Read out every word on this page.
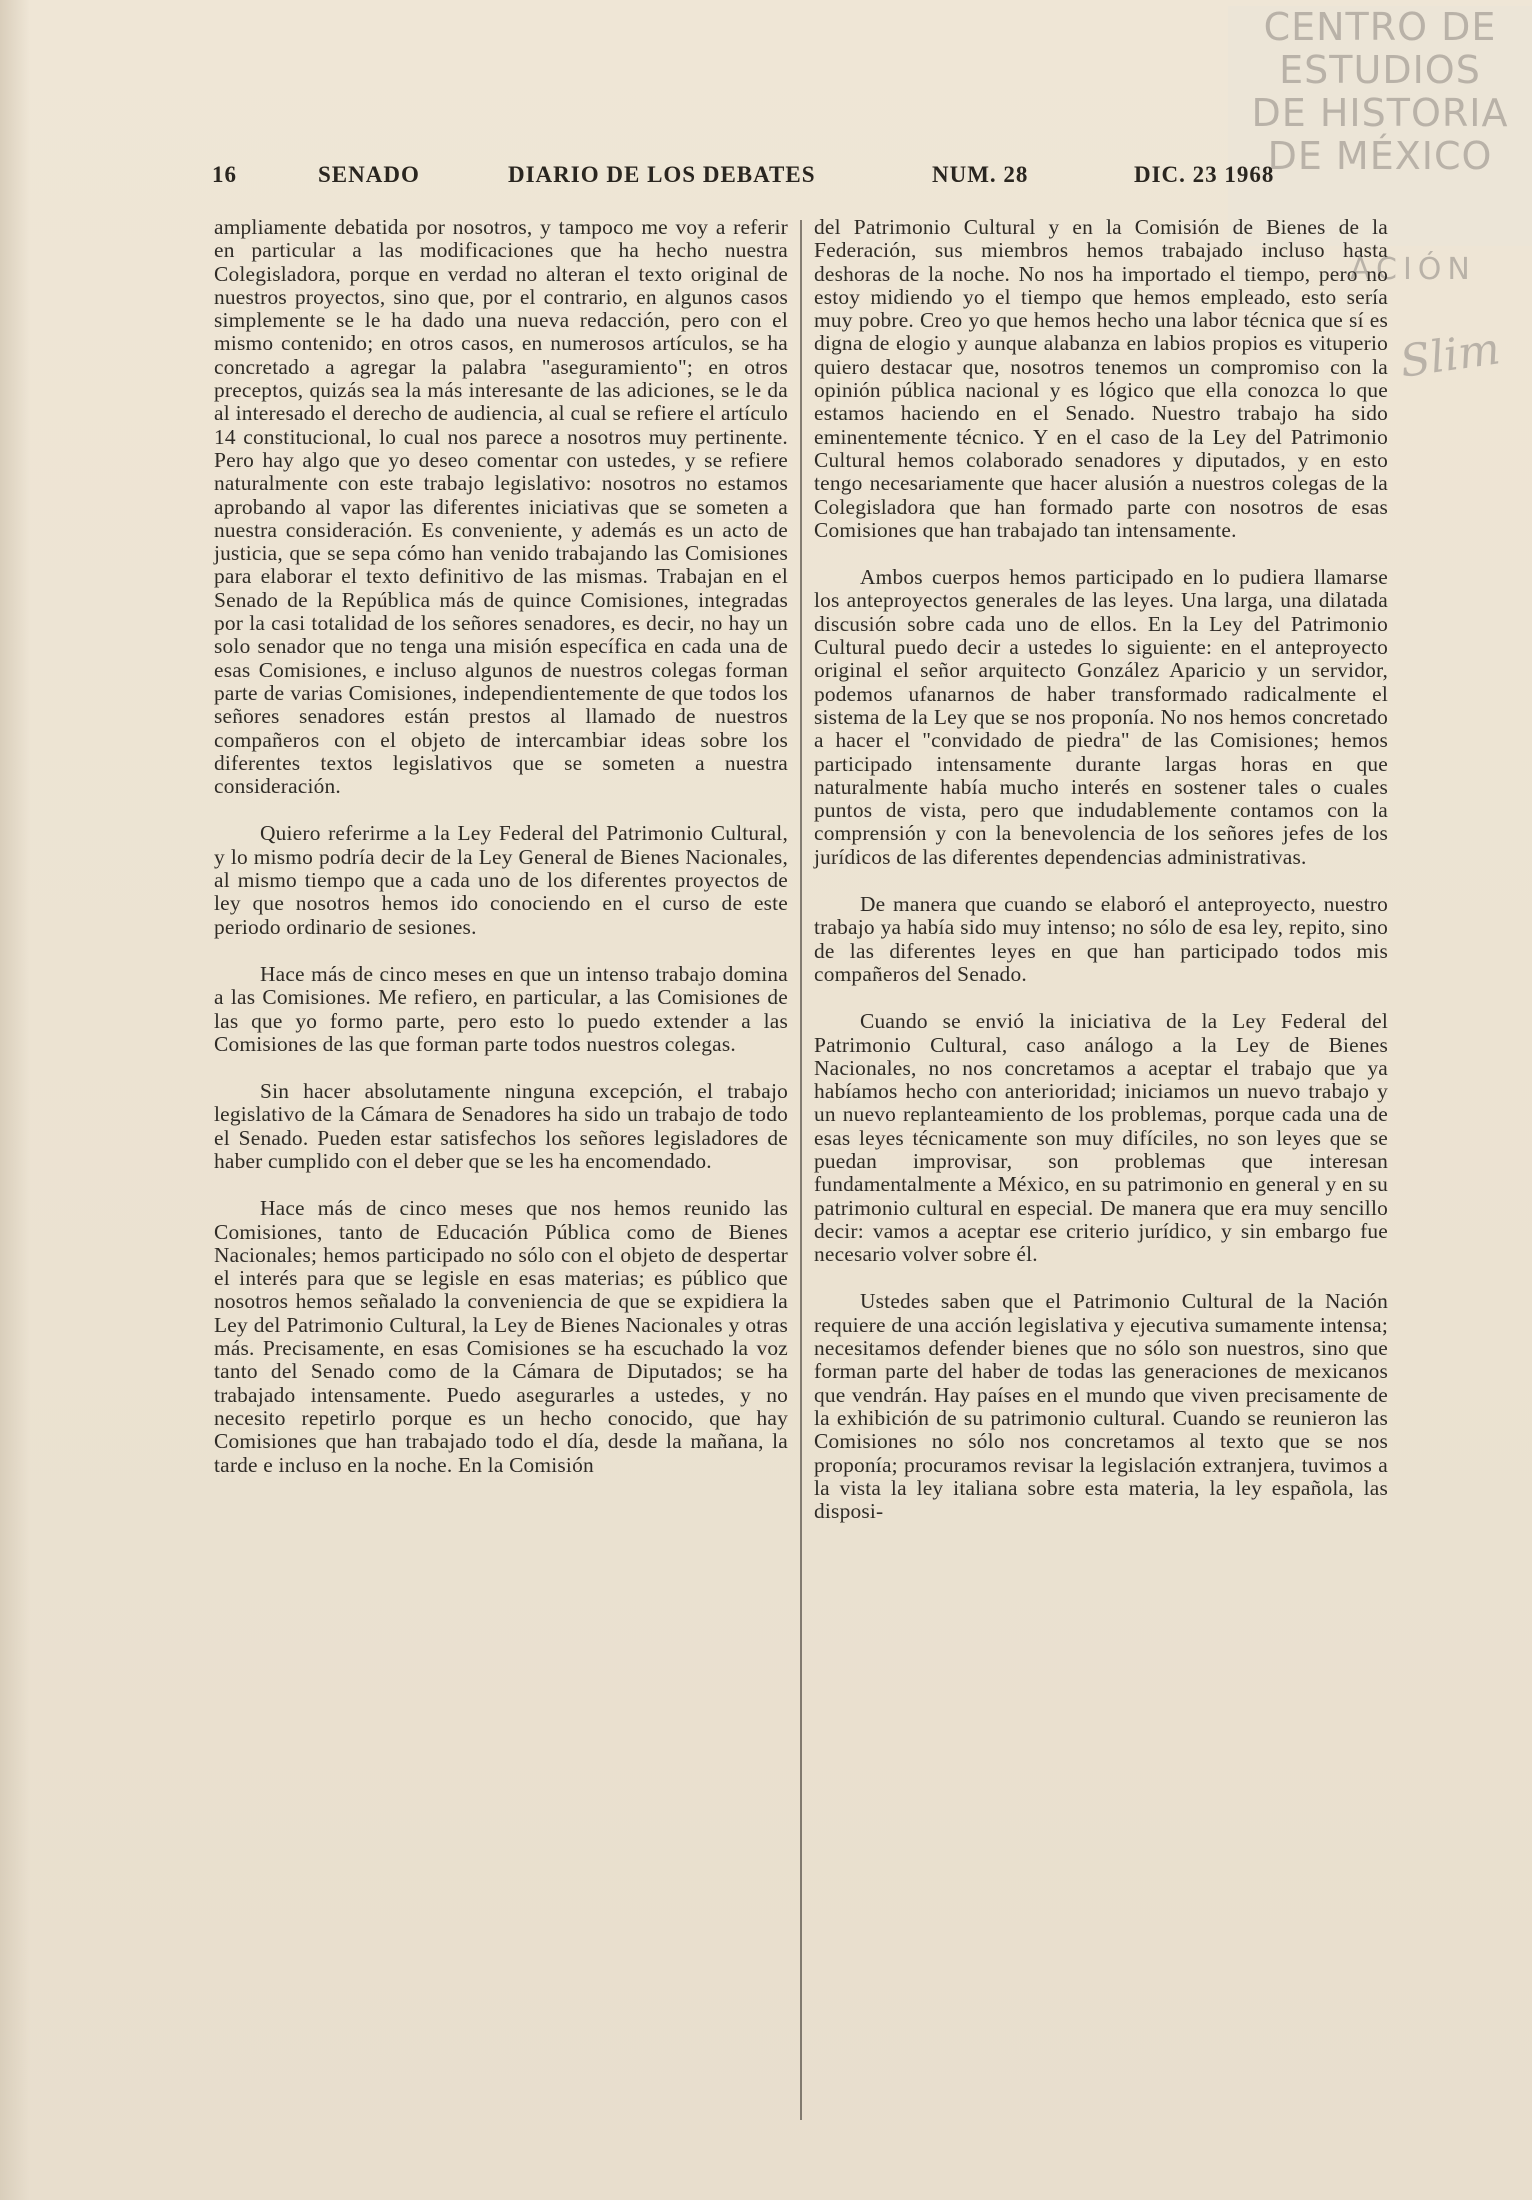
CENTRO DE
ESTUDIOS
DE HISTORIA
DE MÉXICO
ACIÓN
Slim
16	SENADO	DIARIO DE LOS DEBATES	NUM. 28	DIC. 23 1968

ampliamente debatida por nosotros, y tampoco me voy a referir en particular a las modificaciones que ha hecho nuestra Colegisladora, porque en verdad no alteran el texto original de nuestros proyectos, sino que, por el contrario, en algunos casos simplemente se le ha dado una nueva redacción, pero con el mismo contenido; en otros casos, en numerosos artículos, se ha concretado a agregar la palabra "aseguramiento"; en otros preceptos, quizás sea la más interesante de las adiciones, se le da al interesado el derecho de audiencia, al cual se refiere el artículo 14 constitucional, lo cual nos parece a nosotros muy pertinente. Pero hay algo que yo deseo comentar con ustedes, y se refiere naturalmente con este trabajo legislativo: nosotros no estamos aprobando al vapor las diferentes iniciativas que se someten a nuestra consideración. Es conveniente, y además es un acto de justicia, que se sepa cómo han venido trabajando las Comisiones para elaborar el texto definitivo de las mismas. Trabajan en el Senado de la República más de quince Comisiones, integradas por la casi totalidad de los señores senadores, es decir, no hay un solo senador que no tenga una misión específica en cada una de esas Comisiones, e incluso algunos de nuestros colegas forman parte de varias Comisiones, independientemente de que todos los señores senadores están prestos al llamado de nuestros compañeros con el objeto de intercambiar ideas sobre los diferentes textos legislativos que se someten a nuestra consideración.

Quiero referirme a la Ley Federal del Patrimonio Cultural, y lo mismo podría decir de la Ley General de Bienes Nacionales, al mismo tiempo que a cada uno de los diferentes proyectos de ley que nosotros hemos ido conociendo en el curso de este periodo ordinario de sesiones.

Hace más de cinco meses en que un intenso trabajo domina a las Comisiones. Me refiero, en particular, a las Comisiones de las que yo formo parte, pero esto lo puedo extender a las Comisiones de las que forman parte todos nuestros colegas.

Sin hacer absolutamente ninguna excepción, el trabajo legislativo de la Cámara de Senadores ha sido un trabajo de todo el Senado. Pueden estar satisfechos los señores legisladores de haber cumplido con el deber que se les ha encomendado.

Hace más de cinco meses que nos hemos reunido las Comisiones, tanto de Educación Pública como de Bienes Nacionales; hemos participado no sólo con el objeto de despertar el interés para que se legisle en esas materias; es público que nosotros hemos señalado la conveniencia de que se expidiera la Ley del Patrimonio Cultural, la Ley de Bienes Nacionales y otras más. Precisamente, en esas Comisiones se ha escuchado la voz tanto del Senado como de la Cámara de Diputados; se ha trabajado intensamente. Puedo asegurarles a ustedes, y no necesito repetirlo porque es un hecho conocido, que hay Comisiones que han trabajado todo el día, desde la mañana, la tarde e incluso en la noche. En la Comisión

del Patrimonio Cultural y en la Comisión de Bienes de la Federación, sus miembros hemos trabajado incluso hasta deshoras de la noche. No nos ha importado el tiempo, pero no estoy midiendo yo el tiempo que hemos empleado, esto sería muy pobre. Creo yo que hemos hecho una labor técnica que sí es digna de elogio y aunque alabanza en labios propios es vituperio quiero destacar que, nosotros tenemos un compromiso con la opinión pública nacional y es lógico que ella conozca lo que estamos haciendo en el Senado. Nuestro trabajo ha sido eminentemente técnico. Y en el caso de la Ley del Patrimonio Cultural hemos colaborado senadores y diputados, y en esto tengo necesariamente que hacer alusión a nuestros colegas de la Colegisladora que han formado parte con nosotros de esas Comisiones que han trabajado tan intensamente.

Ambos cuerpos hemos participado en lo pudiera llamarse los anteproyectos generales de las leyes. Una larga, una dilatada discusión sobre cada uno de ellos. En la Ley del Patrimonio Cultural puedo decir a ustedes lo siguiente: en el anteproyecto original el señor arquitecto González Aparicio y un servidor, podemos ufanarnos de haber transformado radicalmente el sistema de la Ley que se nos proponía. No nos hemos concretado a hacer el "convidado de piedra" de las Comisiones; hemos participado intensamente durante largas horas en que naturalmente había mucho interés en sostener tales o cuales puntos de vista, pero que indudablemente contamos con la comprensión y con la benevolencia de los señores jefes de los jurídicos de las diferentes dependencias administrativas.

De manera que cuando se elaboró el anteproyecto, nuestro trabajo ya había sido muy intenso; no sólo de esa ley, repito, sino de las diferentes leyes en que han participado todos mis compañeros del Senado.

Cuando se envió la iniciativa de la Ley Federal del Patrimonio Cultural, caso análogo a la Ley de Bienes Nacionales, no nos concretamos a aceptar el trabajo que ya habíamos hecho con anterioridad; iniciamos un nuevo trabajo y un nuevo replanteamiento de los problemas, porque cada una de esas leyes técnicamente son muy difíciles, no son leyes que se puedan improvisar, son problemas que interesan fundamentalmente a México, en su patrimonio en general y en su patrimonio cultural en especial. De manera que era muy sencillo decir: vamos a aceptar ese criterio jurídico, y sin embargo fue necesario volver sobre él.

Ustedes saben que el Patrimonio Cultural de la Nación requiere de una acción legislativa y ejecutiva sumamente intensa; necesitamos defender bienes que no sólo son nuestros, sino que forman parte del haber de todas las generaciones de mexicanos que vendrán. Hay países en el mundo que viven precisamente de la exhibición de su patrimonio cultural. Cuando se reunieron las Comisiones no sólo nos concretamos al texto que se nos proponía; procuramos revisar la legislación extranjera, tuvimos a la vista la ley italiana sobre esta materia, la ley española, las disposi-
